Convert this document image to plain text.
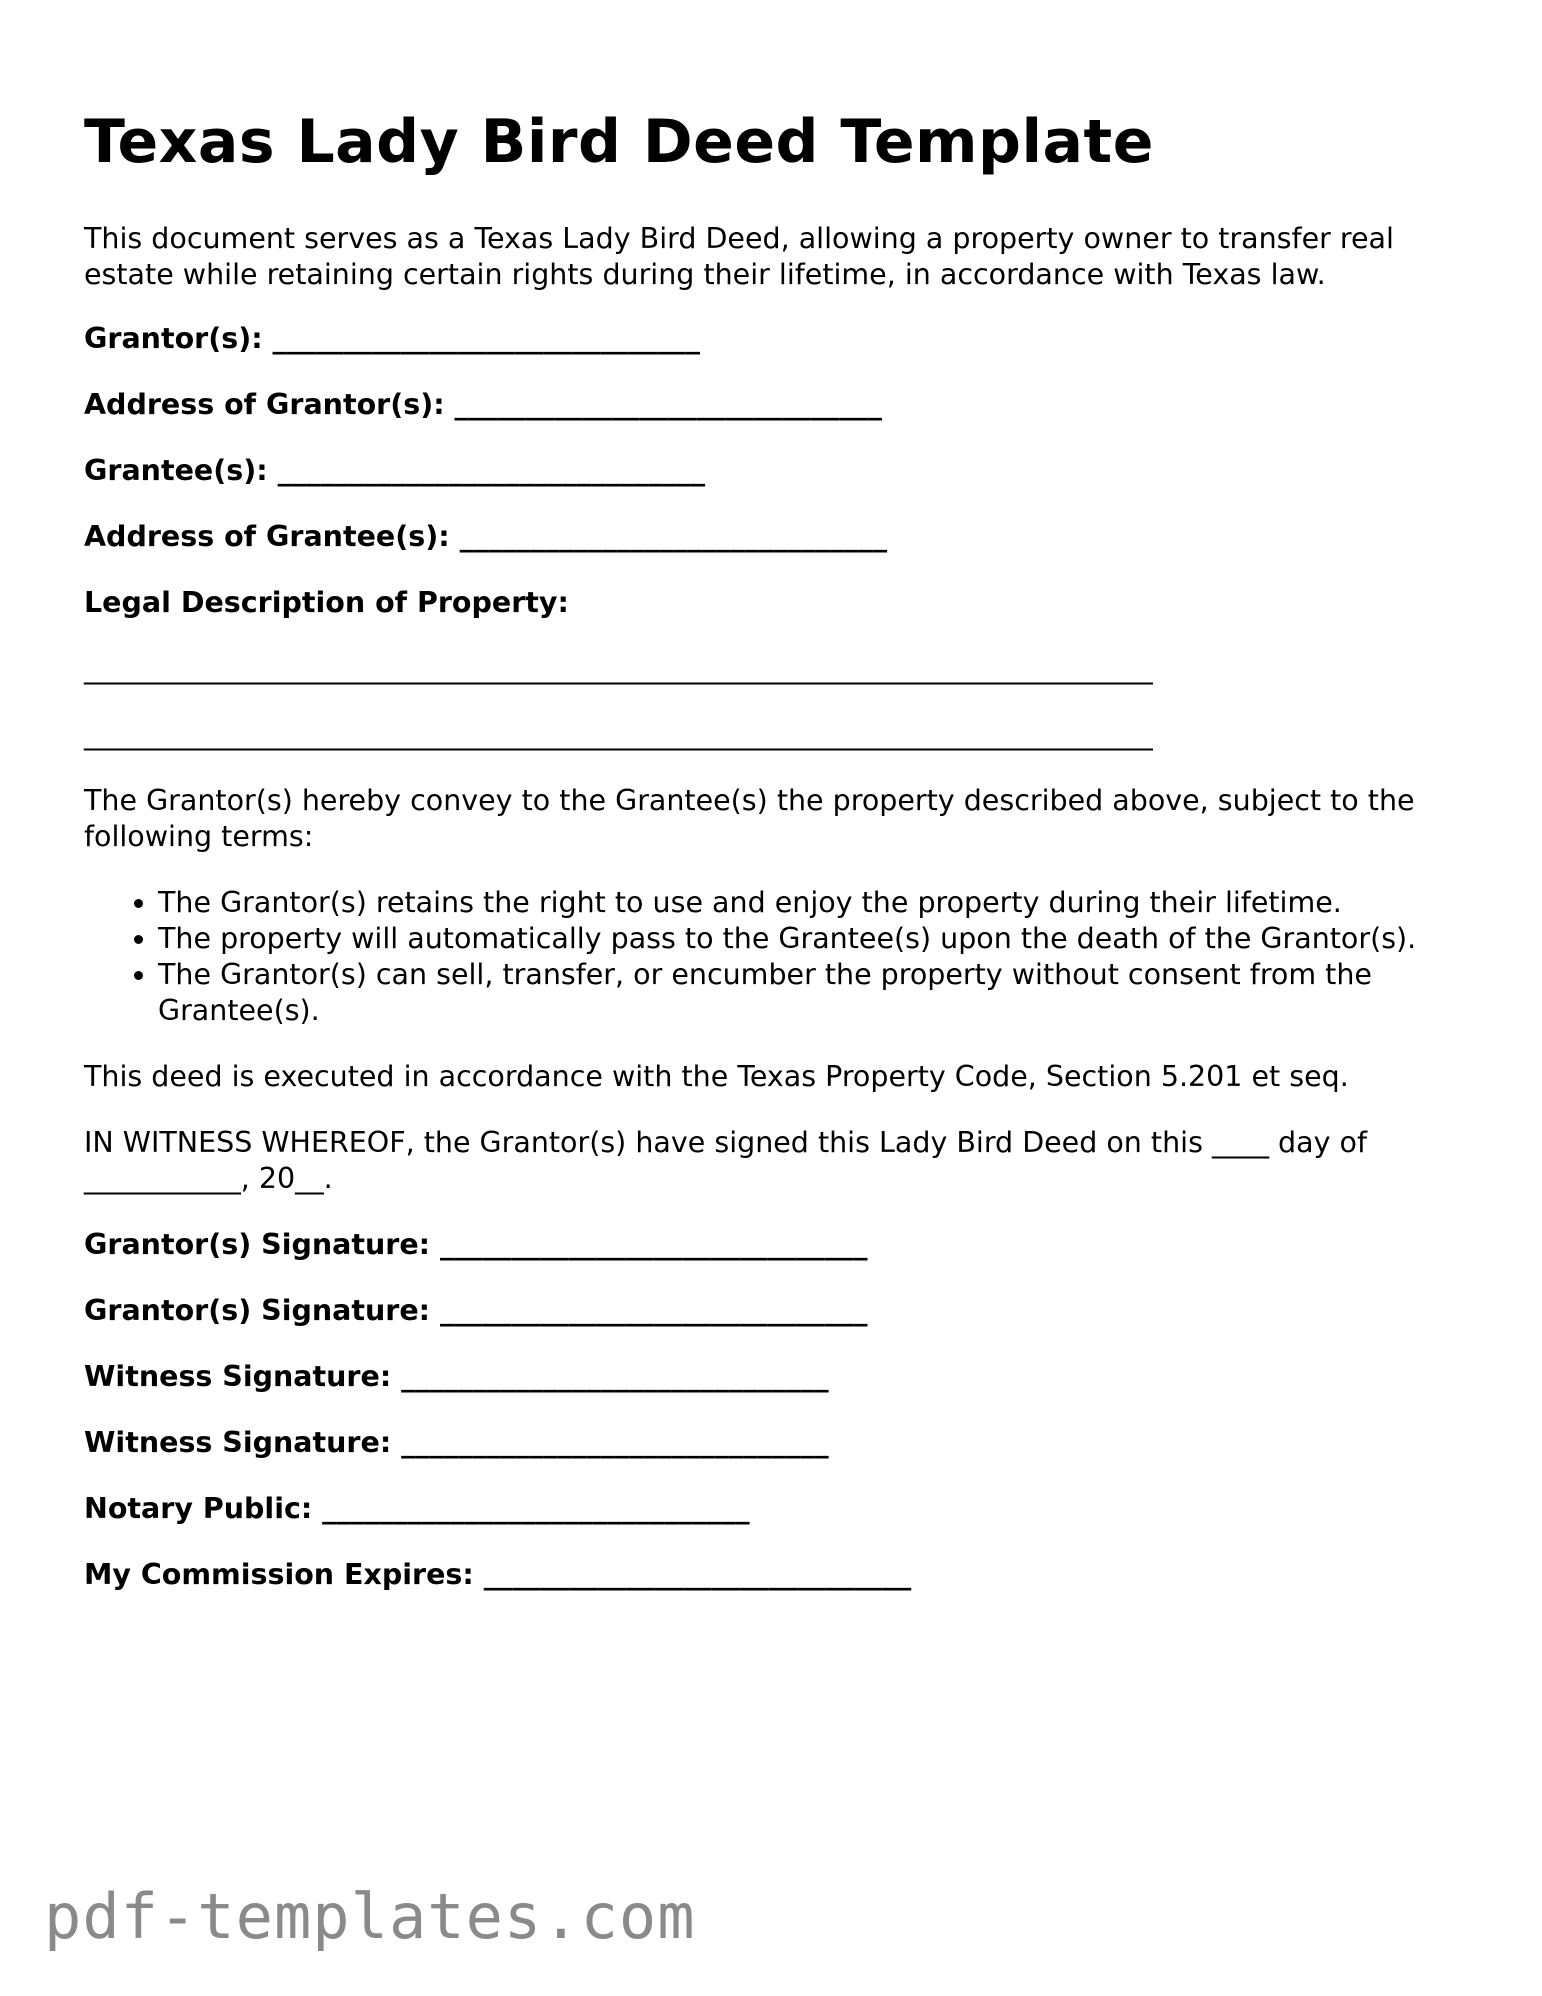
Texas Lady Bird Deed Template

This document serves as a Texas Lady Bird Deed, allowing a property owner to transfer real estate while retaining certain rights during their lifetime, in accordance with Texas law.

Grantor(s): ______________________________

Address of Grantor(s): ______________________________

Grantee(s): ______________________________

Address of Grantee(s): ______________________________

Legal Description of Property:

___________________________________________________________________________

___________________________________________________________________________

The Grantor(s) hereby convey to the Grantee(s) the property described above, subject to the following terms:

• The Grantor(s) retains the right to use and enjoy the property during their lifetime.
• The property will automatically pass to the Grantee(s) upon the death of the Grantor(s).
• The Grantor(s) can sell, transfer, or encumber the property without consent from the Grantee(s).

This deed is executed in accordance with the Texas Property Code, Section 5.201 et seq.

IN WITNESS WHEREOF, the Grantor(s) have signed this Lady Bird Deed on this ____ day of ___________, 20__.

Grantor(s) Signature: ______________________________

Grantor(s) Signature: ______________________________

Witness Signature: ______________________________

Witness Signature: ______________________________

Notary Public: ______________________________

My Commission Expires: ______________________________

pdf-templates.com
